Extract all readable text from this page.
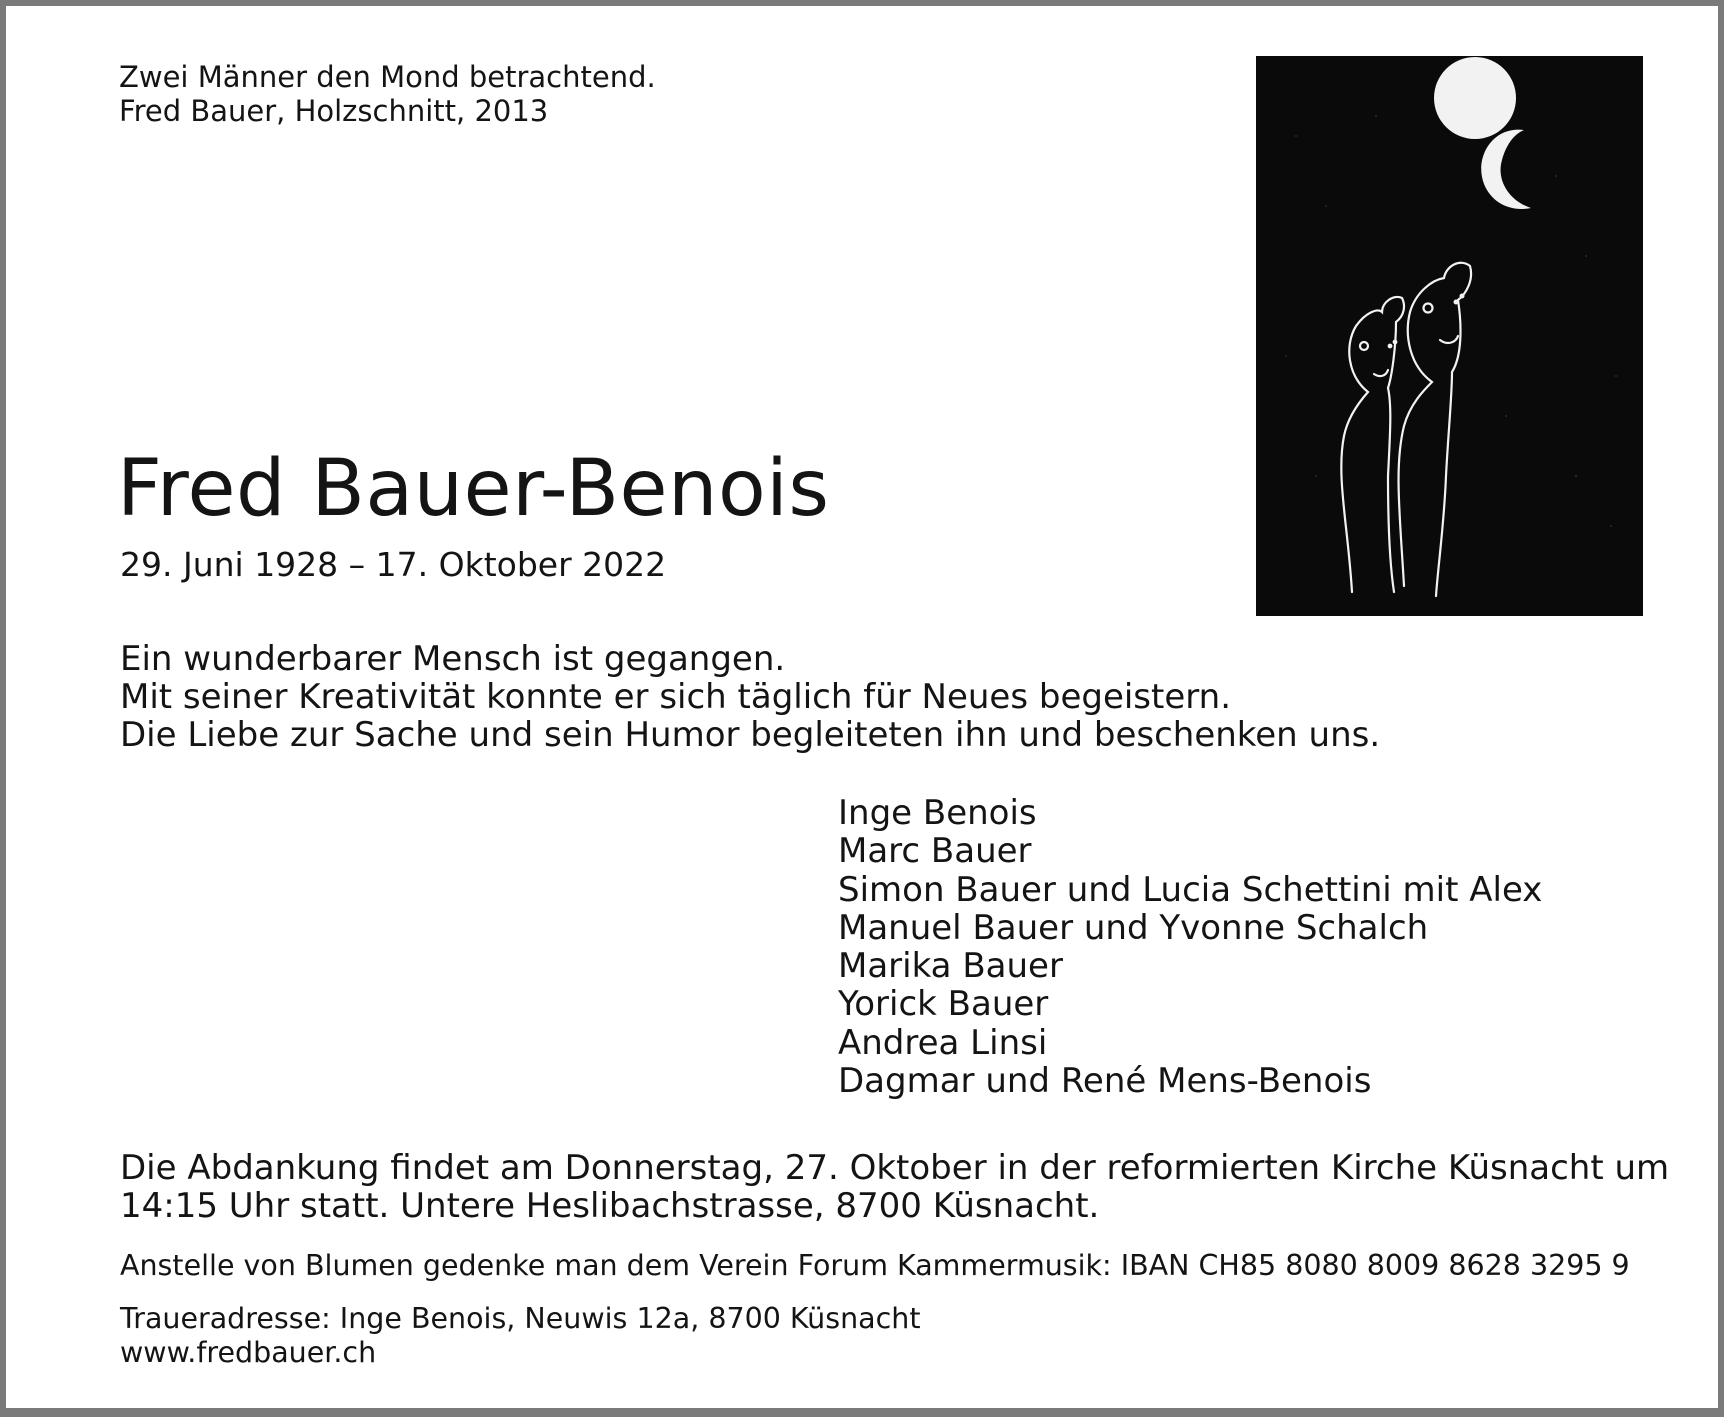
Zwei Männer den Mond betrachtend.
Fred Bauer, Holzschnitt, 2013
Fred Bauer-Benois
29. Juni 1928 – 17. Oktober 2022
Ein wunderbarer Mensch ist gegangen.
Mit seiner Kreativität konnte er sich täglich für Neues begeistern.
Die Liebe zur Sache und sein Humor begleiteten ihn und beschenken uns.
Inge Benois
Marc Bauer
Simon Bauer und Lucia Schettini mit Alex
Manuel Bauer und Yvonne Schalch
Marika Bauer
Yorick Bauer
Andrea Linsi
Dagmar und René Mens-Benois
Die Abdankung findet am Donnerstag, 27. Oktober in der reformierten Kirche Küsnacht um
14:15 Uhr statt. Untere Heslibachstrasse, 8700 Küsnacht.
Anstelle von Blumen gedenke man dem Verein Forum Kammermusik: IBAN CH85 8080 8009 8628 3295 9
Traueradresse: Inge Benois, Neuwis 12a, 8700 Küsnacht
www.fredbauer.ch
